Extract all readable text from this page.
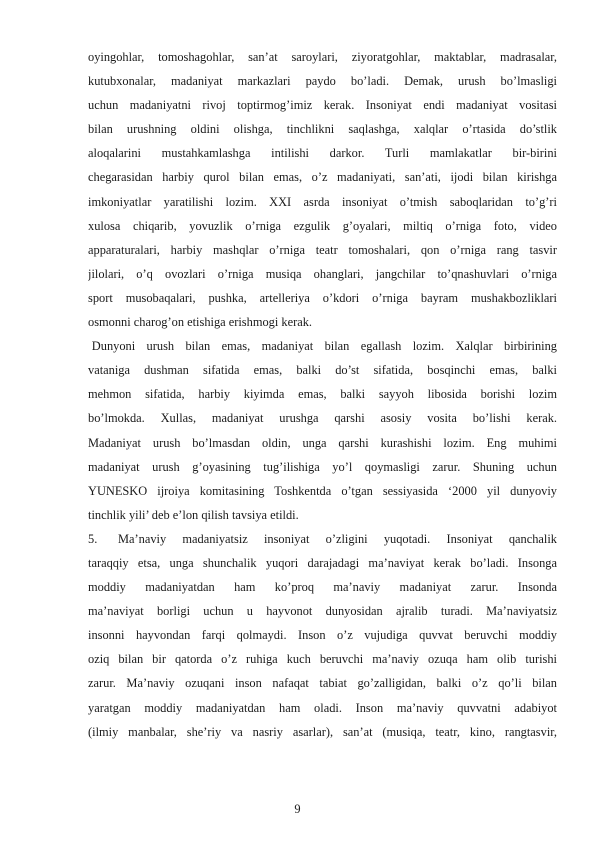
oyingohlar, tomoshagohlar, san’at saroylari, ziyoratgohlar, maktablar, madrasalar,
kutubxonalar, madaniyat markazlari paydo bo’ladi. Demak, urush bo’lmasligi
uchun madaniyatni rivoj toptirmog’imiz kerak. Insoniyat endi madaniyat vositasi
bilan urushning oldini olishga, tinchlikni saqlashga, xalqlar o’rtasida do’stlik
aloqalarini mustahkamlashga intilishi darkor. Turli mamlakatlar bir-birini
chegarasidan harbiy qurol bilan emas, o’z madaniyati, san’ati, ijodi bilan kirishga
imkoniyatlar yaratilishi lozim. XXI asrda insoniyat o’tmish saboqlaridan to’g’ri
xulosa chiqarib, yovuzlik o’rniga ezgulik g’oyalari, miltiq o’rniga foto, video
apparaturalari, harbiy mashqlar o’rniga teatr tomoshalari, qon o’rniga rang tasvir
jilolari, o’q ovozlari o’rniga musiqa ohanglari, jangchilar to’qnashuvlari o’rniga
sport musobaqalari, pushka, artelleriya o’kdori o’rniga bayram mushakbozliklari
osmonni charog’on etishiga erishmogi kerak.
Dunyoni   urush   bilan   emas,   madaniyat   bilan   egallash   lozim.   Xalqlar   birbirining
vataniga dushman sifatida emas, balki do’st sifatida, bosqinchi emas, balki
mehmon sifatida, harbiy kiyimda emas, balki sayyoh libosida borishi lozim
bo’lmokda. Xullas, madaniyat urushga qarshi asosiy vosita bo’lishi kerak.
Madaniyat urush bo’lmasdan oldin, unga qarshi kurashishi lozim. Eng muhimi
madaniyat urush g’oyasining tug’ilishiga yo’l qoymasligi zarur. Shuning uchun
YUNESKO ijroiya komitasining Toshkentda o’tgan sessiyasida ‘2000 yil dunyoviy
tinchlik yili’ deb e’lon qilish tavsiya etildi.
5.	Ma’naviy madaniyatsiz insoniyat o’zligini yuqotadi. Insoniyat qanchalik
taraqqiy etsa, unga shunchalik yuqori darajadagi ma’naviyat kerak bo’ladi. Insonga
moddiy madaniyatdan ham ko’proq ma’naviy madaniyat zarur. Insonda
ma’naviyat borligi uchun u hayvonot dunyosidan ajralib turadi. Ma’naviyatsiz
insonni hayvondan farqi qolmaydi. Inson o’z vujudiga quvvat beruvchi moddiy
oziq bilan bir qatorda o’z ruhiga kuch beruvchi ma’naviy ozuqa ham olib turishi
zarur. Ma’naviy ozuqani inson nafaqat tabiat go’zalligidan, balki o’z qo’li bilan
yaratgan moddiy madaniyatdan ham oladi. Inson ma’naviy quvvatni adabiyot
(ilmiy manbalar, she’riy va nasriy asarlar), san’at (musiqa, teatr, kino, rangtasvir,
9
